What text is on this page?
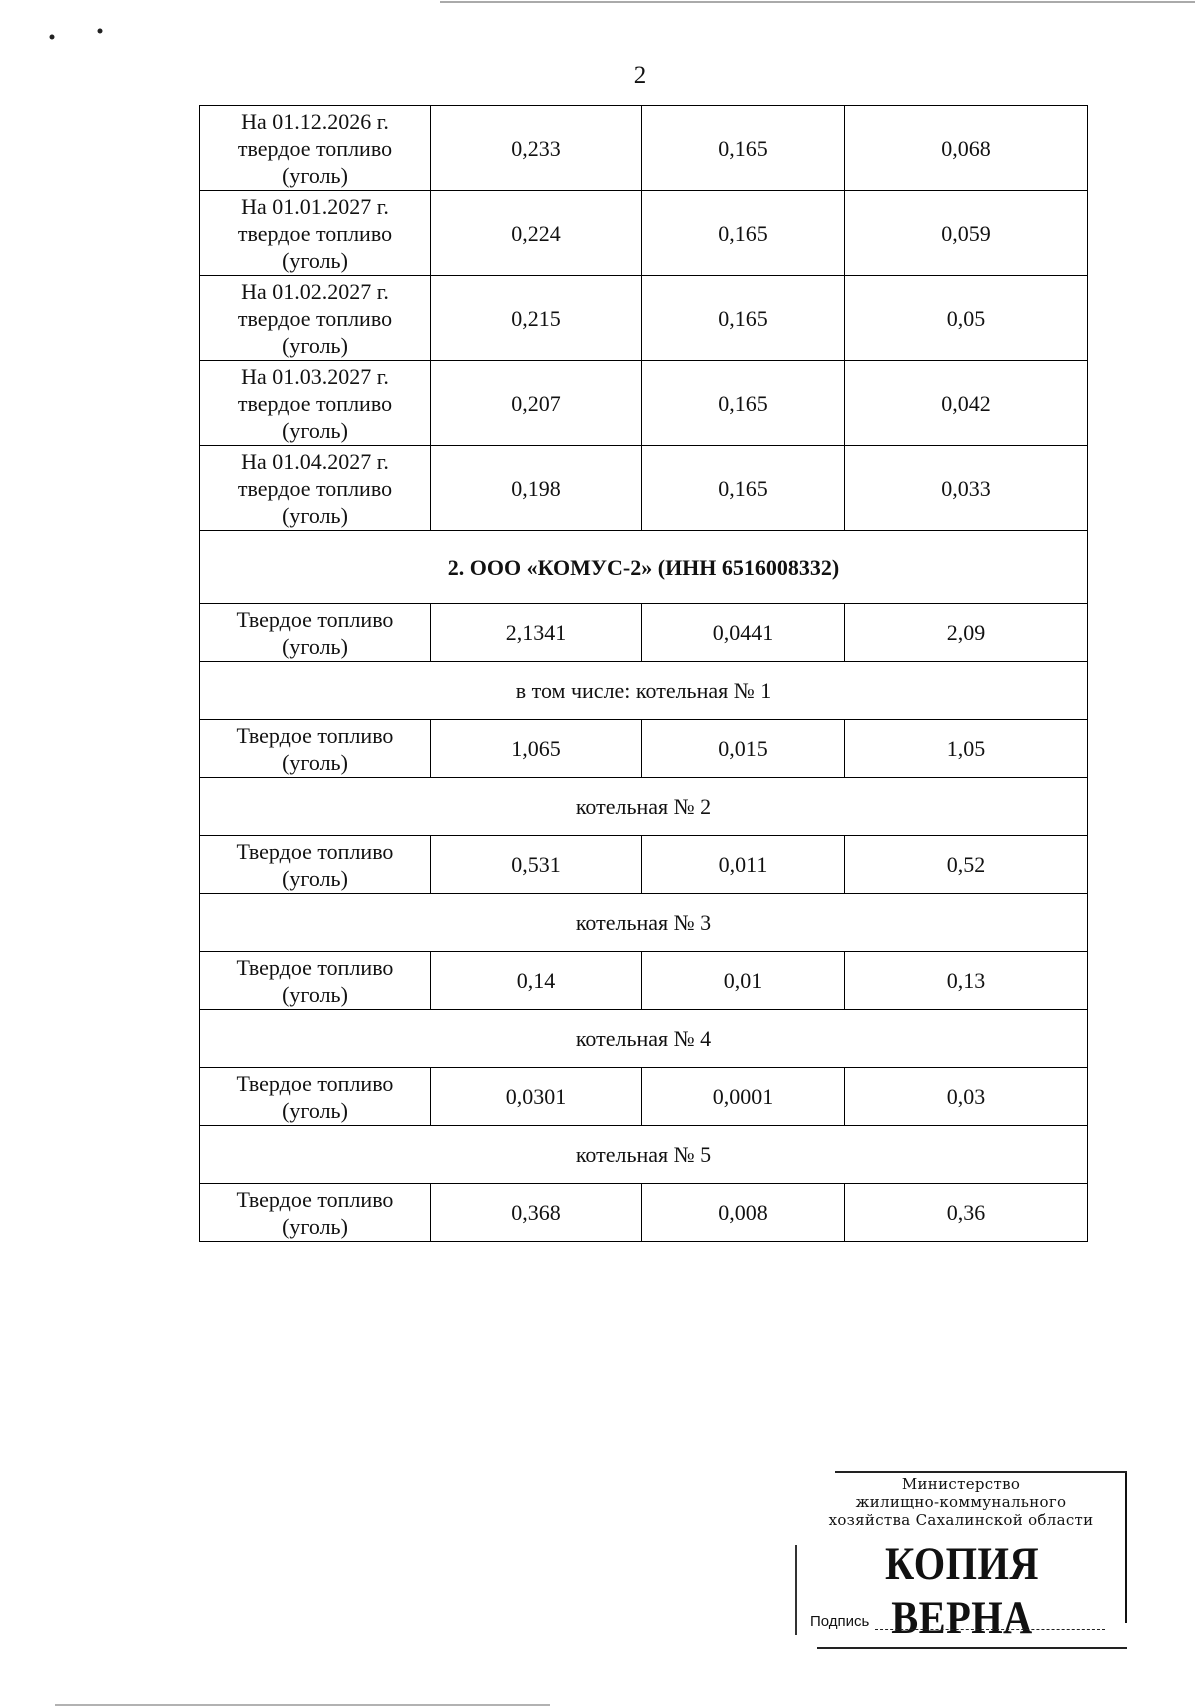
2
На 01.12.2026 г.
твердое топливо
(уголь)	0,233	0,165	0,068
На 01.01.2027 г.
твердое топливо
(уголь)	0,224	0,165	0,059
На 01.02.2027 г.
твердое топливо
(уголь)	0,215	0,165	0,05
На 01.03.2027 г.
твердое топливо
(уголь)	0,207	0,165	0,042
На 01.04.2027 г.
твердое топливо
(уголь)	0,198	0,165	0,033
2. ООО «КОМУС-2» (ИНН 6516008332)			
Твердое топливо
(уголь)	2,1341	0,0441	2,09
в том числе: котельная № 1			
Твердое топливо
(уголь)	1,065	0,015	1,05
котельная № 2			
Твердое топливо
(уголь)	0,531	0,011	0,52
котельная № 3			
Твердое топливо
(уголь)	0,14	0,01	0,13
котельная № 4			
Твердое топливо
(уголь)	0,0301	0,0001	0,03
котельная № 5			
Твердое топливо
(уголь)	0,368	0,008	0,36
Министерство
жилищно-коммунального
хозяйства Сахалинской области
КОПИЯ ВЕРНА
Подпись
